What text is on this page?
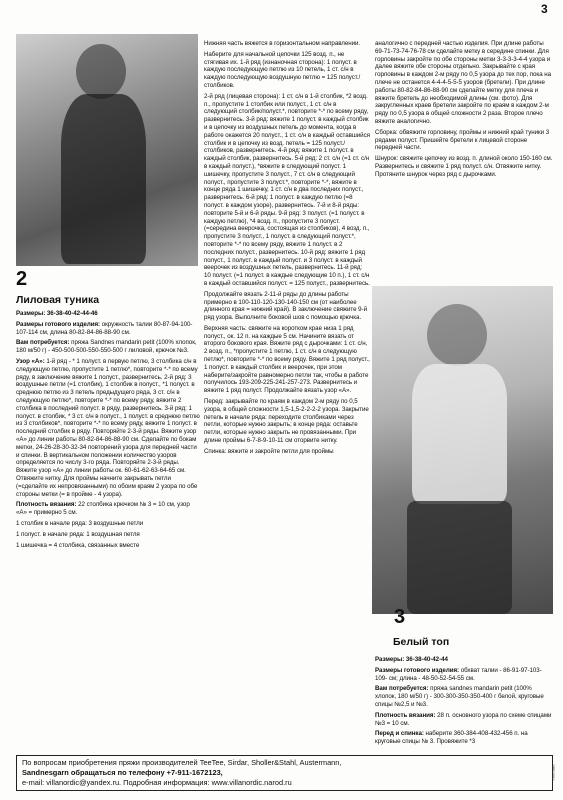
3
2
Лиловая туника

Размеры: 36-38-40-42-44-46

Размеры готового изделия: окружность талии 80-87-94-100-107-114 см, длина 80-82-84-86-88-90 см.

Вам потребуется: пряжа Sandnes mandarin petit (100% хлопок, 180 м/50 г) - 450-500-500-550-550-500 г лиловой, крючок №3.

Узор «А»: 1-й ряд - * 1 полуст. в первую петлю, 3 столбика с/н в следующую петлю, пропустите 1 петлю*, повторите *-* по всему ряду, в заключение вяжите 1 полуст., развернитесь. 2-й ряд: 3 воздушные петли (=1 столбик), 1 столбик в полуст., *1 полуст. в среднюю петлю из 3 петель предыдущего ряда, 3 ст. с/н в следующую петлю*, повторите *-* по всему ряду, вяжите 2 столбика в последний полуст. в ряду, развернитесь. 3-й ряд: 1 полуст. в столбик, * 3 ст. с/н в полуст., 1 полуст. в среднюю петлю из 3 столбиков*, повторите *-* по всему ряду, вяжите 1 полуст. в последний столбик в ряду. Повторяйте 2-3-й ряды. Вяжите узор «А» до линии работы 80-82-84-86-88-90 см. Сделайте по бокам метки, 24-26-28-30-32-34 повторений узора для передней части и спинки. В вертикальном положении количество узоров определяется по числу 3-го ряда. Повторяйте 2-3-й ряды. Вяжите узор «А» до линии работы ок. 60-61-62-63-64-65 см. Отвяжите нитку. Для проймы начните закрывать петли (=сделайте их непровязанными) по обоим краям 2 узора по обе стороны метки (= в пройме - 4 узора).

Плотность вязания: 22 столбика крючком № 3 = 10 см, узор «А» = примерно 5 см.

1 столбик в начале ряда: 3 воздушные петли

1 полуст. в начале ряда: 1 воздушная петля

1 шишечка = 4 столбика, связанных вместе

Нижняя часть вяжется в горизонтальном направлении.

Наберите для начальной цепочки 125 возд. п., не стягивая их. 1-й ряд (изнаночная сторона): 1 полуст. в каждую последующую петлю из 10 петель, 1 ст. с/н в каждую последующую воздушную петлю = 125 полуст./столбиков.

2-й ряд (лицевая сторона): 1 ст. с/н в 1-й столбик, *2 возд. п., пропустите 1 столбик или полуст., 1 ст. с/н в следующий столбик/полуст.*, повторите *-* по всему ряду, развернитесь. 3-й ряд: вяжите 1 полуст. в каждый столбик и в цепочку из воздушных петель до момента, когда в работе окажется 20 полуст., 1 ст. с/н в каждый оставшийся столбик и в цепочку из возд. петель = 125 полуст./столбиков, развернитесь. 4-й ряд: вяжите 1 полуст. в каждый столбик, развернитесь. 5-й ряд: 2 ст. с/н (=1 ст. с/н в каждый полуст.), *вяжите в следующий полуст. 1 шишечку, пропустите 3 полуст., 7 ст. с/н в следующий полуст., пропустите 3 полуст.*, повторите *-*, вяжите в конце ряда 1 шишечку, 1 ст. с/н в два последних полуст., развернитесь. 6-й ряд: 1 полуст. в каждую петлю (=8 полуст. в каждом узоре), развернитесь. 7-й и 8-й ряды: повторите 5-й и 6-й ряды. 9-й ряд: 3 полуст. (=1 полуст. в каждую петлю), *4 возд. п., пропустите 3 полуст. (=середина веерочка, состоящая из столбиков), 4 возд. п., пропустите 3 полуст., 1 полуст. в следующий полуст.*, повторите *-* по всему ряду, вяжите 1 полуст. в 2 последних полуст., развернитесь. 10-й ряд: вяжите 1 ряд полуст., 1 полуст. в каждый полуст. и 3 полуст. в каждый веерочек из воздушных петель, развернитесь. 11-й ряд: 10 полуст. (=1 полуст. в каждые следующие 10 п.), 1 ст. с/н в каждый оставшийся полуст. = 125 полуст., развернитесь.

Продолжайте вязать 2-11-й ряды до длины работы примерно в 100-110-120-130-140-150 см (от наиболее длинного края = нижний край). В заключение свяжите 9-й ряд узора. Выполните боковой шов с помощью крючка.

Верхняя часть: свяжите на коротком крае низа 1 ряд полуст., ок. 12 п. на каждые 5 см. Начините вязать от второго бокового края. Вяжите ряд с дырочками: 1 ст. с/н, 2 возд. п., *пропустите 1 петлю, 1 ст. с/н в следующую петлю*, повторите *-* по всему ряду. Вяжите 1 ряд полуст., 1 полуст. в каждый столбик и веерочек, при этом наберите/закройте равномерно петли так, чтобы в работе получилось 193-209-225-241-257-273. Развернитесь и вяжите 1 ряд полуст. Продолжайте вязать узор «А».

Перед: закрывайте по краям в каждом 2-м ряду по 0,5 узора, в общей сложности 1,5-1,5-2-2-2-2 узора. Закрытие петель в начале ряда: переходите столбиками через петли, которые нужно закрыть; в конце ряда: оставьте петли, которые нужно закрыть не провязанными. При длине проймы 6-7-8-9-10-11 см оторвите нитку.

Спинка: вяжите и закройте петли для проймы

аналогично с передней частью изделия. При длине работы 69-71-73-74-76-78 см сделайте метку в середине спинки. Для горловины закройте по обе стороны метки 3-3-3-3-4-4 узора и далее вяжите обе стороны отдельно. Закрывайте с края горловины в каждом 2-м ряду по 0,5 узора до тех пор, пока на плече не останется 4-4-4-5-5-5 узоров (бретели). При длине работы 80-82-84-86-88-90 см сделайте метку для плеча и вяжите бретель до необходимой длины (см. фото). Для закругленных краев бретели закройте по краям в каждом 2-м ряду по 0,5 узора в общей сложности 2 раза. Второе плечо вяжите аналогично.

Сборка: обвяжите горловину, проймы и нижний край туники 3 рядами полуст. Пришейте бретели к лицевой стороне передней части.

Шнурок: свяжите цепочку из возд. п. длиной около 150-160 см. Развернитесь и свяжите 1 ряд полуст. с/н. Отвяжите нитку. Протяните шнурок через ряд с дырочками.

3
Белый топ

Размеры: 36-38-40-42-44

Размеры готового изделия: обхват талии - 86-91-97-103-109- см; длина - 48-50-52-54-55 см.

Вам потребуется: пряжа sandnes mandarin petit (100% хлопок, 180 м/50 г) - 300-300-350-350-400 г белой, круговые спицы №2,5 и №3.

Плотность вязания: 28 п. основного узора по схеме спицами №3 = 10 см.

Перед и спинка: наберите 360-384-408-432-456 п. на круговые спицы № 3. Провяжите *3

По вопросам приобретения пряжи производителей TeeTee, Sirdar, Sholler&Stahl, Austermann,
Sandnesgarn обращаться по телефону +7-911-1672123,
e-mail: villanordic@yandex.ru. Подробная информация: www.villanordic.narod.ru
Реклама
